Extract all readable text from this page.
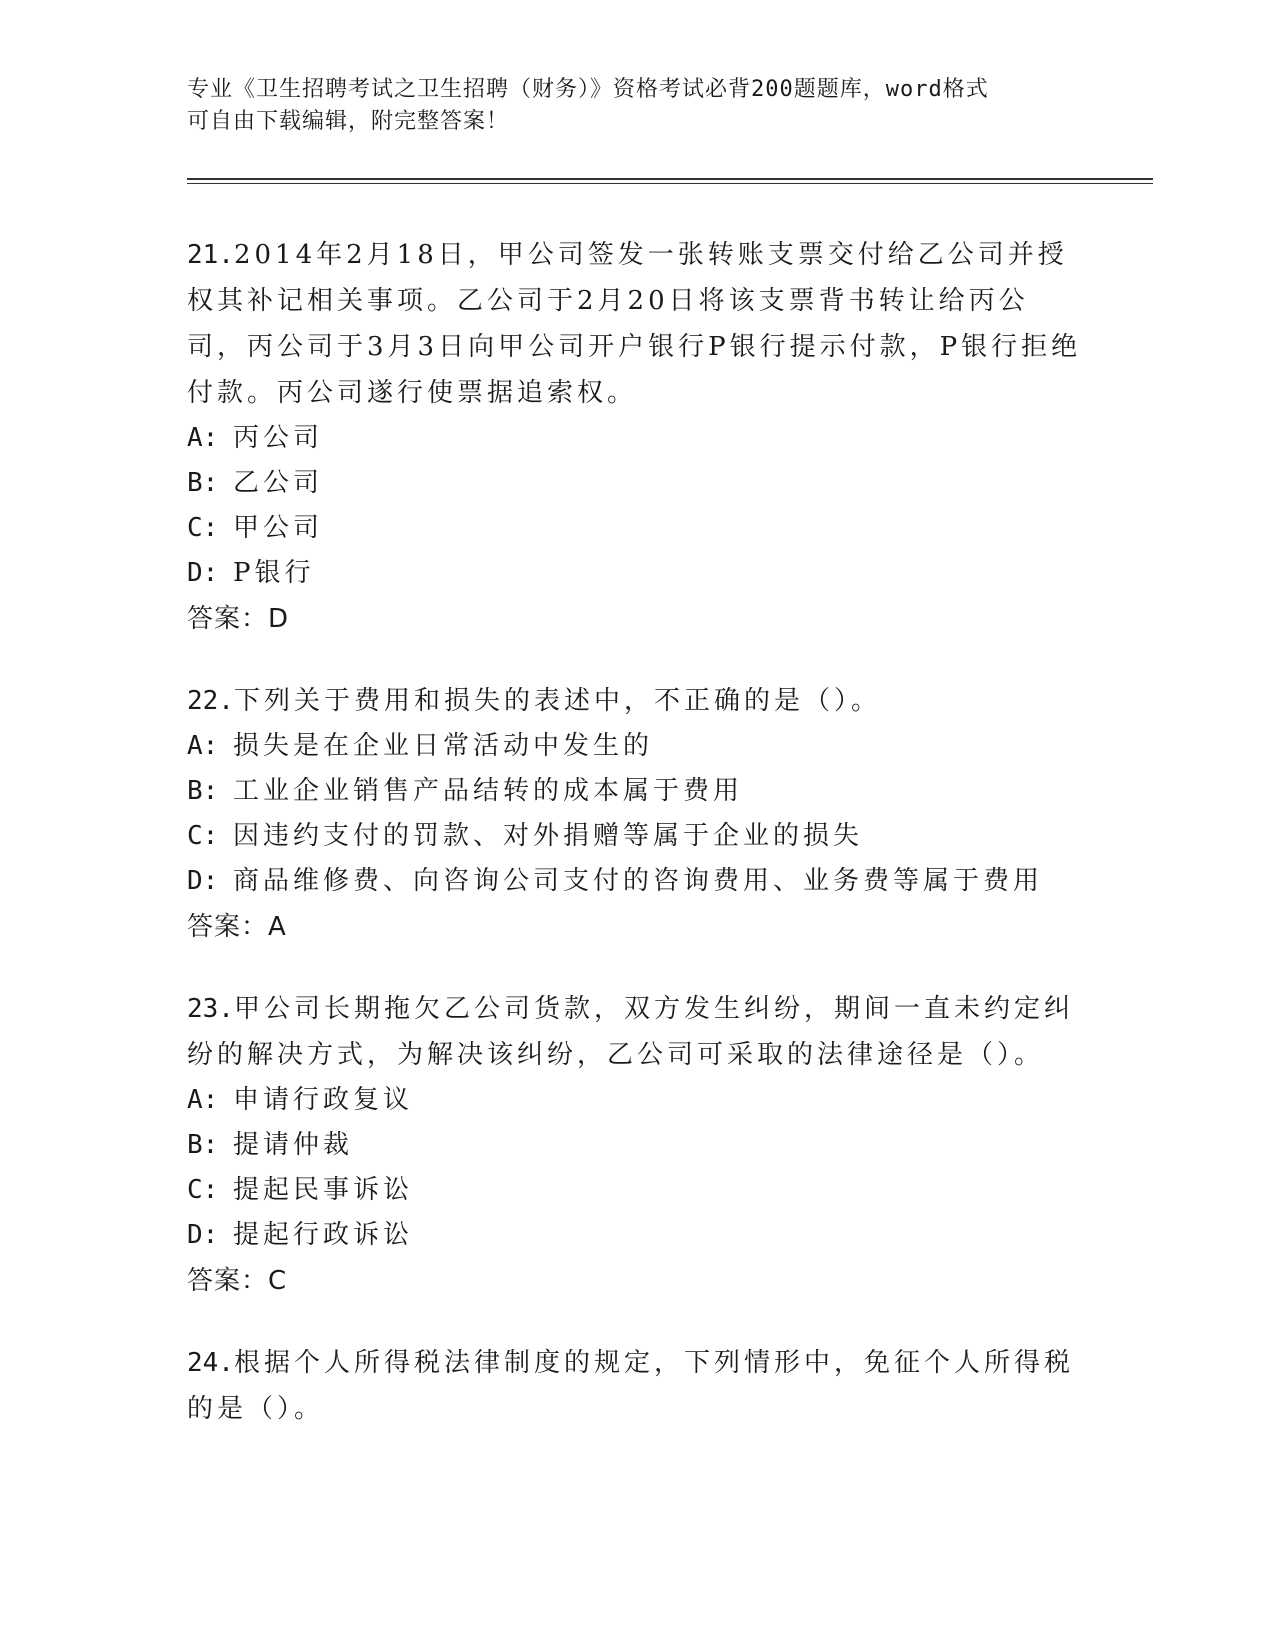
专业《卫生招聘考试之卫生招聘（财务）》资格考试必背200题题库，word格式
可自由下载编辑，附完整答案！

21.2014年2月18日，甲公司签发一张转账支票交付给乙公司并授权其补记相关事项。乙公司于2月20日将该支票背书转让给丙公司，丙公司于3月3日向甲公司开户银行P银行提示付款，P银行拒绝付款。丙公司遂行使票据追索权。

A: 丙公司

B: 乙公司

C: 甲公司

D: P银行

答案：D

22.下列关于费用和损失的表述中，不正确的是（）。

A: 损失是在企业日常活动中发生的

B: 工业企业销售产品结转的成本属于费用

C: 因违约支付的罚款、对外捐赠等属于企业的损失

D: 商品维修费、向咨询公司支付的咨询费用、业务费等属于费用

答案：A

23.甲公司长期拖欠乙公司货款，双方发生纠纷，期间一直未约定纠纷的解决方式，为解决该纠纷，乙公司可采取的法律途径是（）。

A: 申请行政复议

B: 提请仲裁

C: 提起民事诉讼

D: 提起行政诉讼

答案：C

24.根据个人所得税法律制度的规定，下列情形中，免征个人所得税的是（）。
